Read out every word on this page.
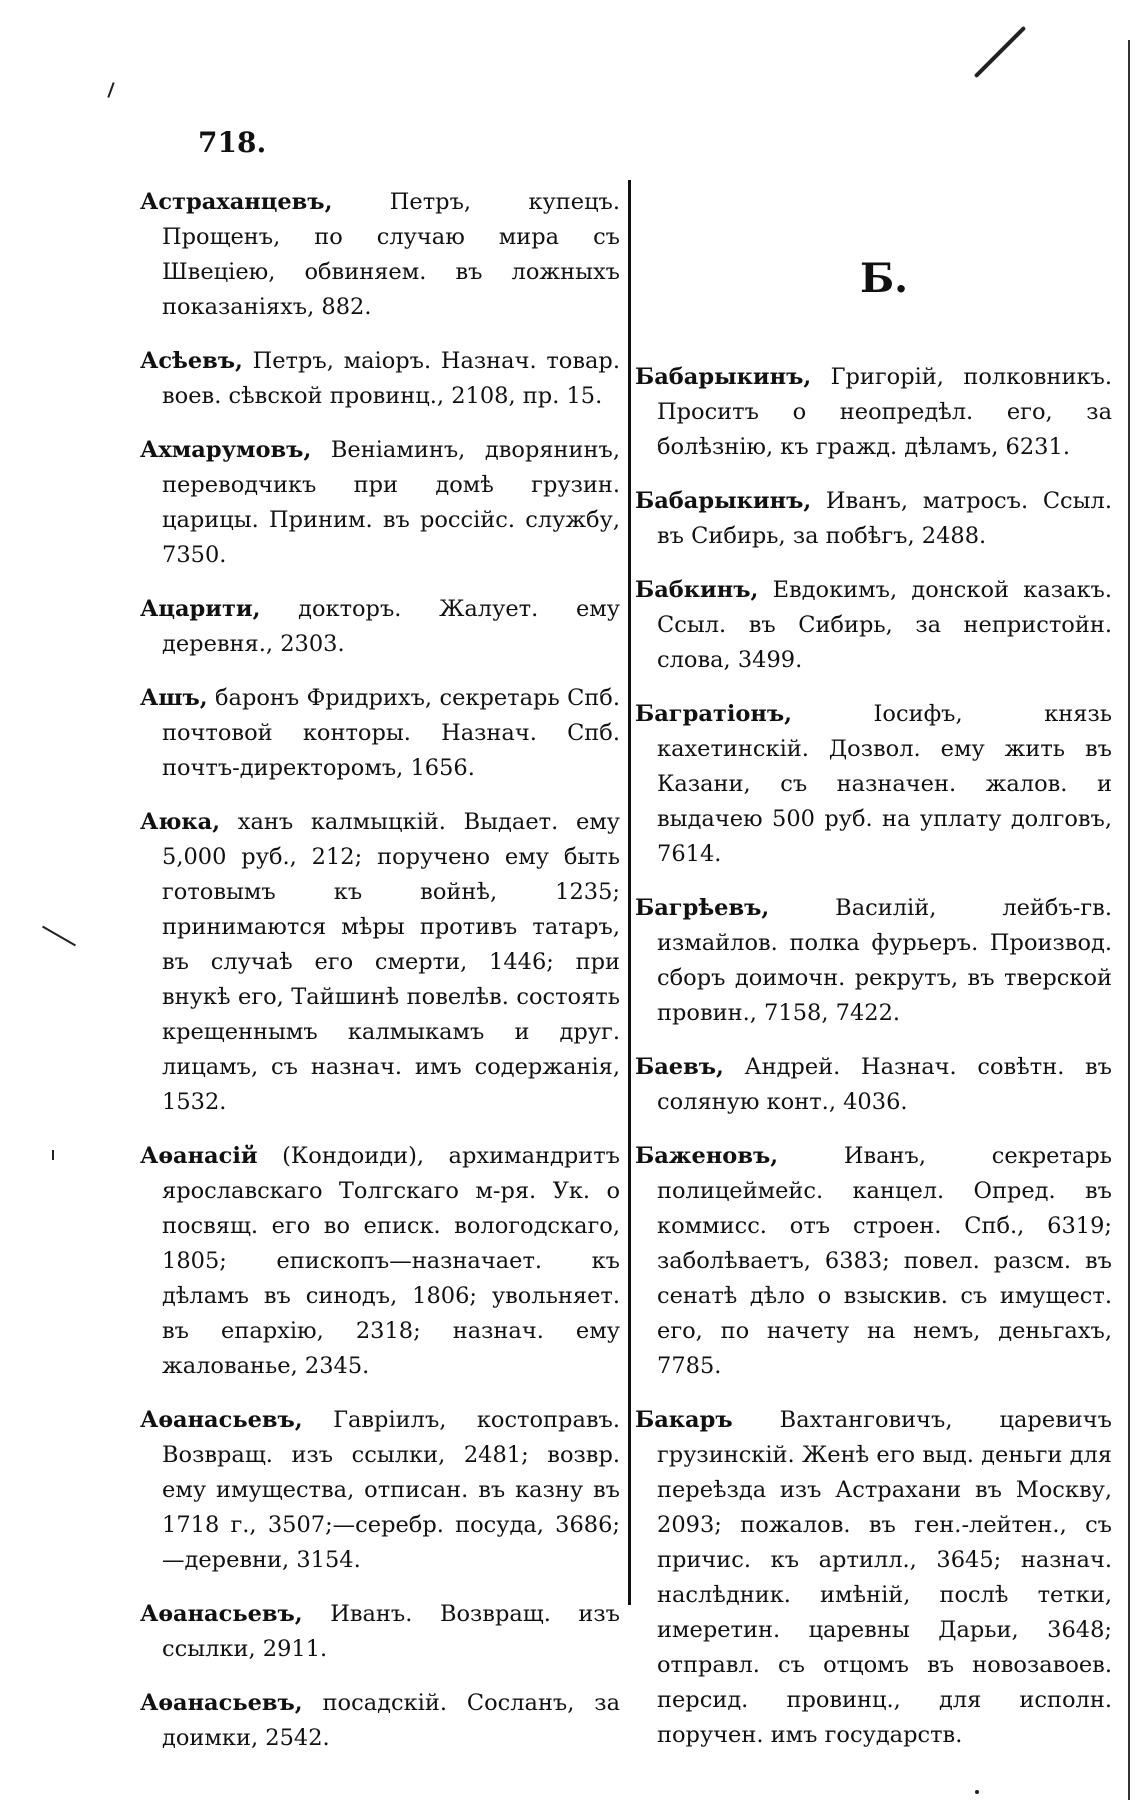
718.

Астраханцевъ, Петръ, купецъ. Прощенъ, по случаю мира съ Швеціею, обвиняем. въ ложныхъ показаніяхъ, 882.

Асѣевъ, Петръ, маіоръ. Назнач. товар. воев. сѣвской провинц., 2108, пр. 15.

Ахмарумовъ, Веніаминъ, дворянинъ, переводчикъ при домѣ грузин. царицы. Приним. въ россійс. службу, 7350.

Ацарити, докторъ. Жалует. ему деревня., 2303.

Ашъ, баронъ Фридрихъ, секретарь Спб. почтовой конторы. Назнач. Спб. почтъ-директоромъ, 1656.

Аюка, ханъ калмыцкій. Выдает. ему 5,000 руб., 212; поручено ему быть готовымъ къ войнѣ, 1235; принимаются мѣры противъ татаръ, въ случаѣ его смерти, 1446; при внукѣ его, Тайшинѣ повелѣв. состоять крещеннымъ калмыкамъ и друг. лицамъ, съ назнач. имъ содержанія, 1532.

Аѳанасій (Кондоиди), архимандритъ ярославскаго Толгскаго м-ря. Ук. о посвящ. его во еписк. вологодскаго, 1805; епископъ—назначает. къ дѣламъ въ синодъ, 1806; увольняет. въ епархію, 2318; назнач. ему жалованье, 2345.

Аѳанасьевъ, Гавріилъ, костоправъ. Возвращ. изъ ссылки, 2481; возвр. ему имущества, отписан. въ казну въ 1718 г., 3507;—серебр. посуда, 3686;—деревни, 3154.

Аѳанасьевъ, Иванъ. Возвращ. изъ ссылки, 2911.

Аѳанасьевъ, посадскій. Сосланъ, за доимки, 2542.

Б.

Бабарыкинъ, Григорій, полковникъ. Проситъ о неопредѣл. его, за болѣзнію, къ гражд. дѣламъ, 6231.

Бабарыкинъ, Иванъ, матросъ. Ссыл. въ Сибирь, за побѣгъ, 2488.

Бабкинъ, Евдокимъ, донской казакъ. Ссыл. въ Сибирь, за непристойн. слова, 3499.

Багратіонъ, Іосифъ, князь кахетинскій. Дозвол. ему жить въ Казани, съ назначен. жалов. и выдачею 500 руб. на уплату долговъ, 7614.

Багрѣевъ, Василій, лейбъ-гв. измайлов. полка фурьеръ. Производ. сборъ доимочн. рекрутъ, въ тверской провин., 7158, 7422.

Баевъ, Андрей. Назнач. совѣтн. въ соляную конт., 4036.

Баженовъ, Иванъ, секретарь полицеймейс. канцел. Опред. въ коммисс. отъ строен. Спб., 6319; заболѣваетъ, 6383; повел. разсм. въ сенатѣ дѣло о взыскив. съ имущест. его, по начету на немъ, деньгахъ, 7785.

Бакаръ Вахтанговичъ, царевичъ грузинскій. Женѣ его выд. деньги для переѣзда изъ Астрахани въ Москву, 2093; пожалов. въ ген.-лейтен., съ причис. къ артилл., 3645; назнач. наслѣдник. имѣній, послѣ тетки, имеретин. царевны Дарьи, 3648; отправл. съ отцомъ въ новозавоев. персид. провинц., для исполн. поручен. имъ государств.
